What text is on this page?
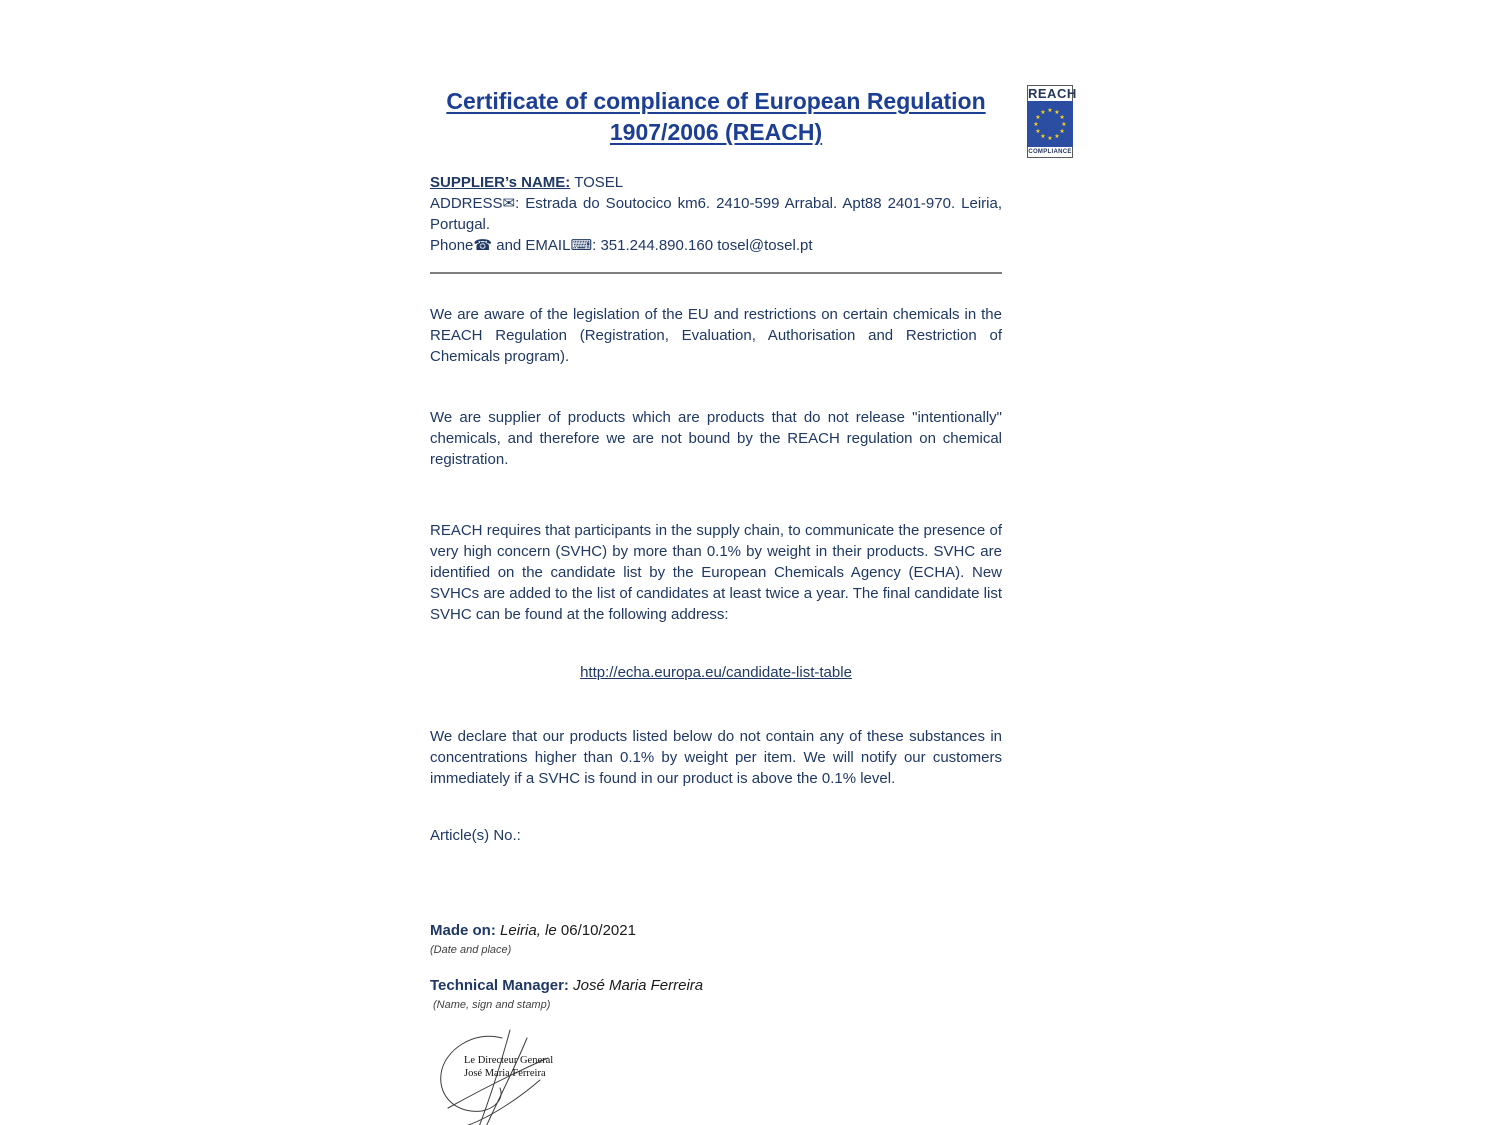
REACH
★ ★
★
★
★
★
★
★
★
★
★
★
COMPLIANCE
Certificate of compliance of European Regulation
1907/2006 (REACH)

SUPPLIER’s NAME: TOSEL

ADDRESS✉: Estrada do Soutocico km6. 2410-599 Arrabal. Apt88 2401-970. Leiria, Portugal.

Phone☎ and EMAIL⌨: 351.244.890.160 tosel@tosel.pt

We are aware of the legislation of the EU and restrictions on certain chemicals in the REACH Regulation (Registration, Evaluation, Authorisation and Restriction of Chemicals program).

We are supplier of products which are products that do not release "intentionally" chemicals, and therefore we are not bound by the REACH regulation on chemical registration.

REACH requires that participants in the supply chain, to communicate the presence of very high concern (SVHC) by more than 0.1% by weight in their products. SVHC are identified on the candidate list by the European Chemicals Agency (ECHA). New SVHCs are added to the list of candidates at least twice a year. The final candidate list SVHC can be found at the following address:

http://echa.europa.eu/candidate-list-table

We declare that our products listed below do not contain any of these substances in concentrations higher than 0.1% by weight per item. We will notify our customers immediately if a SVHC is found in our product is above the 0.1% level.

Article(s) No.:

Made on: Leiria, le 06/10/2021

(Date and place)

Technical Manager: José Maria Ferreira

(Name, sign and stamp)

Le Directeur General
José Maria Ferreira
